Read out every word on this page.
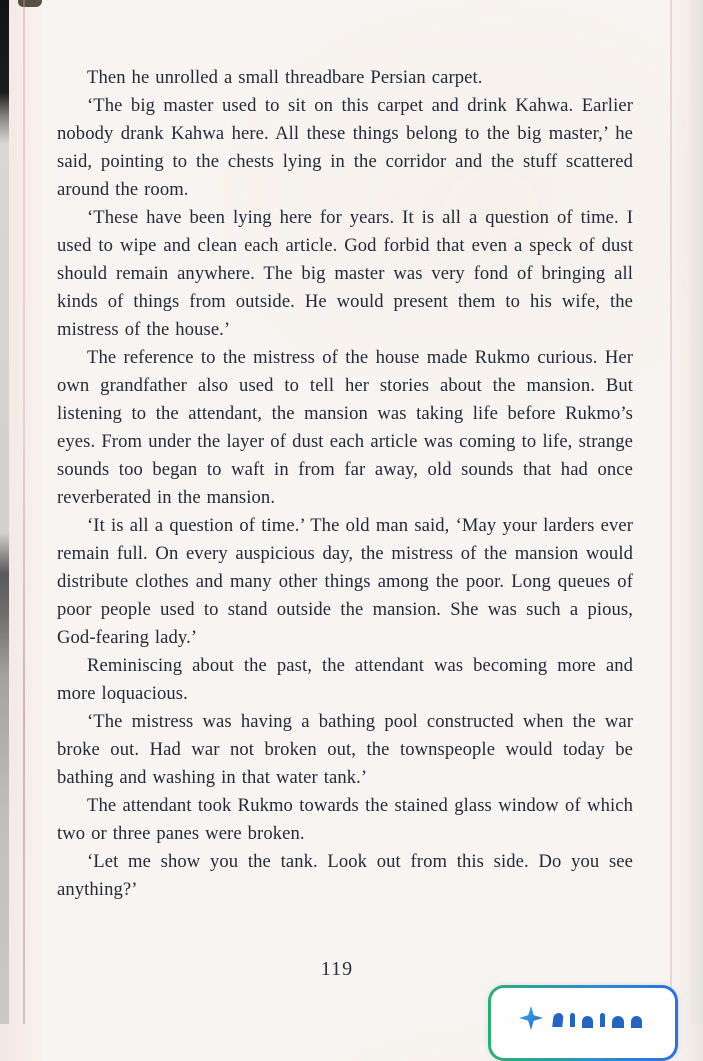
Then he unrolled a small threadbare Persian carpet.

‘The big master used to sit on this carpet and drink Kahwa. Earlier nobody drank Kahwa here. All these things belong to the big master,’ he said, pointing to the chests lying in the corridor and the stuff scattered around the room.

‘These have been lying here for years. It is all a question of time. I used to wipe and clean each article. God forbid that even a speck of dust should remain anywhere. The big master was very fond of bringing all kinds of things from outside. He would present them to his wife, the mistress of the house.’

The reference to the mistress of the house made Rukmo curious. Her own grandfather also used to tell her stories about the mansion. But listening to the attendant, the mansion was taking life before Rukmo’s eyes. From under the layer of dust each article was coming to life, strange sounds too began to waft in from far away, old sounds that had once reverberated in the mansion.

‘It is all a question of time.’ The old man said, ‘May your larders ever remain full. On every auspicious day, the mistress of the mansion would distribute clothes and many other things among the poor. Long queues of poor people used to stand outside the mansion. She was such a pious, God-fearing lady.’

Reminiscing about the past, the attendant was becoming more and more loquacious.

‘The mistress was having a bathing pool constructed when the war broke out. Had war not broken out, the townspeople would today be bathing and washing in that water tank.’

The attendant took Rukmo towards the stained glass window of which two or three panes were broken.

‘Let me show you the tank. Look out from this side. Do you see anything?’

119
